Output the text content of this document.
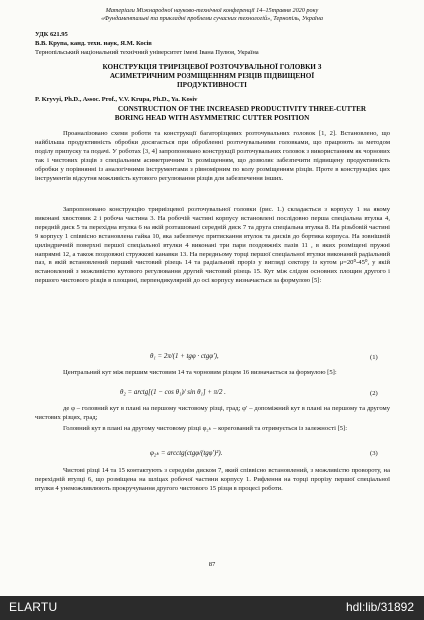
Матеріали Міжнародної науково-технічної конференції 14–15травня 2020 року

«Фундаментальні та прикладні проблеми сучасних технологій», Тернопіль, Україна

УДК 621.95

В.В. Крупа, канд. техн. наук, Я.М. Косів

Тернопільський національний технічний університет імені Івана Пулюя, Україна

КОНСТРУКЦІЯ ТРИРІЗЦЕВОЇ РОЗТОЧУВАЛЬНОЇ ГОЛОВКИ З

АСИМЕТРИЧНИМ РОЗМІЩЕННЯМ РІЗЦІВ ПІДВИЩЕНОЇ

ПРОДУКТИВНОСТІ

P. Kryvyi, Ph.D., Assoc. Prof., V.V. Krupa, Ph.D., Ya. Kosiv

CONSTRUCTION OF THE INCREASED PRODUCTIVITY THREE-CUTTER

BORING HEAD WITH ASYMMETRIC CUTTER POSITION

Проаналізовано схеми роботи та конструкції багаторізцевих розточувальних головок [1, 2]. Встановлено, що найбільша продуктивність обробки досягається при обробленні розточувальними головками, що працюють за методом поділу припуску та подачі. У роботах [3, 4] запропоновано конструкції розточувальних головок з використанням як чорнових так і чистових різців з спеціальним асиметричним їх розміщенням, що дозволяє забезпечити підвищену продуктивність обробки у порівнянні із аналогічними інструментами з рівномірним по колу розміщенням різців. Проте в конструкціях цих інструментів відсутня можливість кутового регулювання різців для забезпечення інших.

Запропоновано конструкцію тририізцевої розточувальної головки (рис. 1.) складається з корпусу 1 на якому виконані хвостовик 2 і робоча частина 3. На робочій частині корпусу встановлені послідовно перша спеціальна втулка 4, передній диск 5 та перехідна втулка 6 на якій розташовані середній диск 7 та друга спеціальна втулка 8. На різьбовій частині 9 корпусу 1 співвісно встановлена гайка 10, яка забезпечує притискання втулок та дисків до бортика корпуса. На зовнішній циліндричній поверхні першої спеціальної втулки 4 виконані три пари поздовжніх пазів 11 , в яких розміщені пружні напрямні 12, а також поздовжні стружкові канавки 13. На передньому торці першої спеціальної втулки виконаний радіальний паз, в якій встановлений перший чистовий різець 14 та радіальний проріз у вигляді сектору із кутом μ=20⁰-45⁰, у якій встановлений з можливістю кутового регулювання другий чистовий різець 15. Кут між слідом основних площин другого і першого чистового різців в площині, перпендикулярній до осі корпусу визначається за формулою [5]:

θ₁ = 2π/(1 + tgφ · ctgφ′),	(1)

Центральний кут між першим чистовим 14 та чорновим різцем 16 визначається за формулою [5]:

θ₂ = arctg[(1 − cos θ₁)/ sin θ₁] + π/2 .	(2)

де φ – головний кут в плані на першому чистовому різці, град; φ′ – допоміжний кут в плані на першому та другому чистових різцях, град;

Головний кут в плані на другому чистовому різці φ₂ₖ – корегований та отримується із залежності [5]:

φ₂ₖ = arcctg(ctgφ/(tgφ′)²).	(3)

Чистові різці 14 та 15 контактують з середнім диском 7, який співвісно встановлений, з можливістю провороту, на перехідній втулці 6, що розміщена на шліцах робочої частини корпусу 1. Рифлення на торці прорізу першої спеціальної втулки 4 унеможливлюють прокручування другого чистового 15 різця в процесі роботи.

87

ELARTU	hdl:lib/31892
